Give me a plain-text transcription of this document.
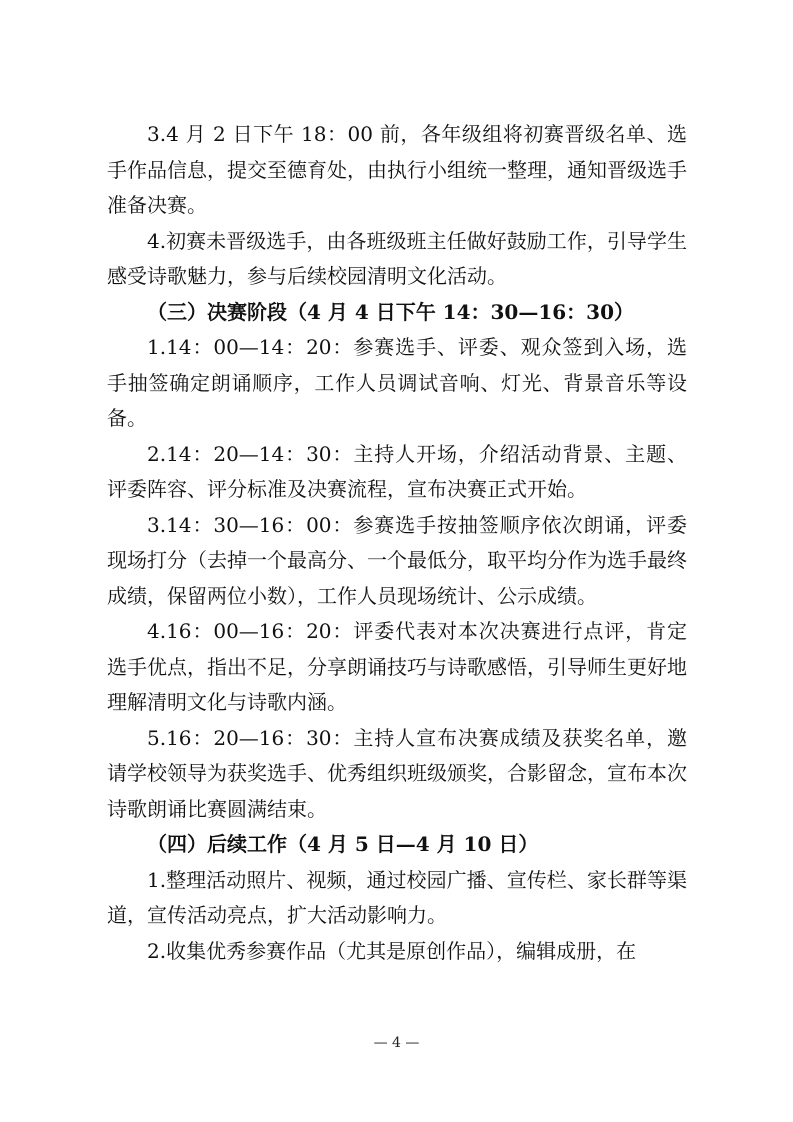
3.4 月 2 日下午 18：00 前，各年级组将初赛晋级名单、选手作品信息，提交至德育处，由执行小组统一整理，通知晋级选手准备决赛。

4.初赛未晋级选手，由各班级班主任做好鼓励工作，引导学生感受诗歌魅力，参与后续校园清明文化活动。

（三）决赛阶段（4 月 4 日下午 14：30—16：30）

1.14：00—14：20：参赛选手、评委、观众签到入场，选手抽签确定朗诵顺序，工作人员调试音响、灯光、背景音乐等设备。

2.14：20—14：30：主持人开场，介绍活动背景、主题、评委阵容、评分标准及决赛流程，宣布决赛正式开始。

3.14：30—16：00：参赛选手按抽签顺序依次朗诵，评委现场打分（去掉一个最高分、一个最低分，取平均分作为选手最终成绩，保留两位小数），工作人员现场统计、公示成绩。

4.16：00—16：20：评委代表对本次决赛进行点评，肯定选手优点，指出不足，分享朗诵技巧与诗歌感悟，引导师生更好地理解清明文化与诗歌内涵。

5.16：20—16：30：主持人宣布决赛成绩及获奖名单，邀请学校领导为获奖选手、优秀组织班级颁奖，合影留念，宣布本次诗歌朗诵比赛圆满结束。

（四）后续工作（4 月 5 日—4 月 10 日）

1.整理活动照片、视频，通过校园广播、宣传栏、家长群等渠道，宣传活动亮点，扩大活动影响力。

2.收集优秀参赛作品（尤其是原创作品），编辑成册，在

— 4 —
